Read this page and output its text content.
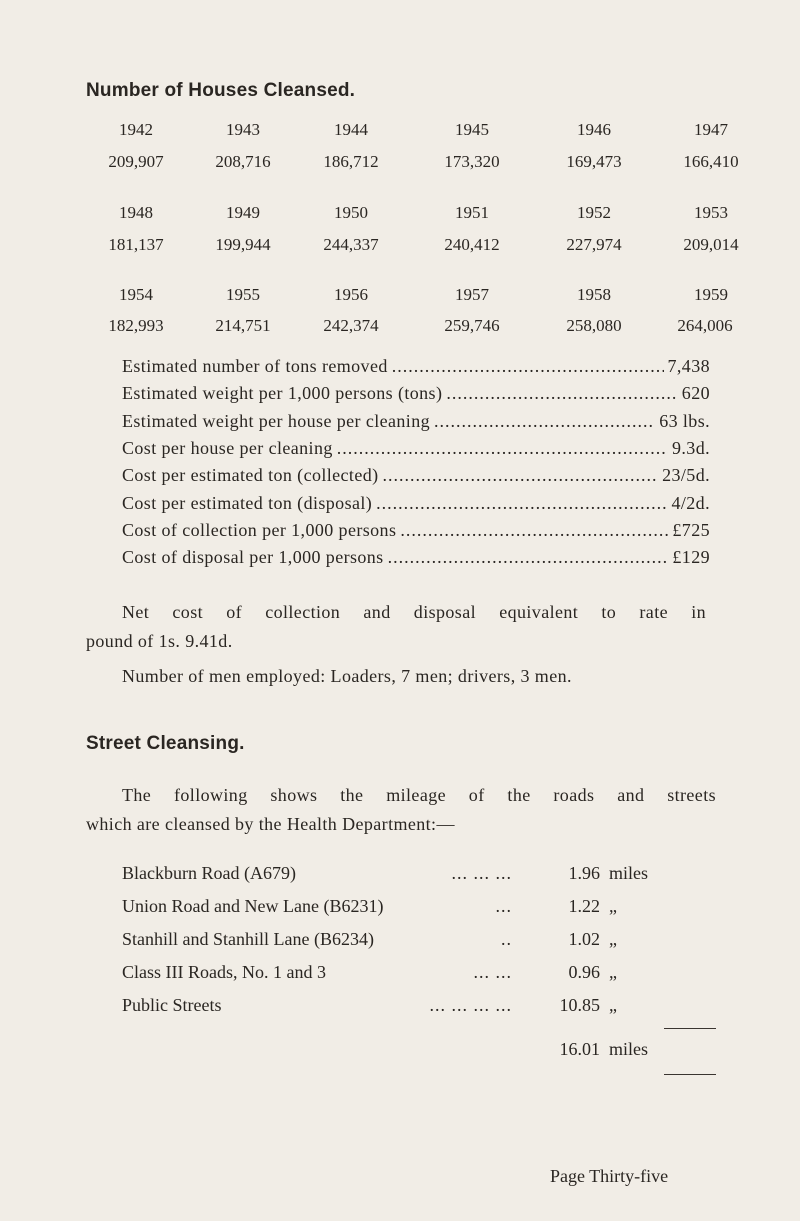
Number of Houses Cleansed.
1942	1943	1944	1945	1946	1947
209,907	208,716	186,712	173,320	169,473	166,410
1948	1949	1950	1951	1952	1953
181,137	199,944	244,337	240,412	227,974	209,014
1954	1955	1956	1957	1958	1959
182,993	214,751	242,374	259,746	258,080	264,006
Estimated number of tons removed .....	7,438
Estimated weight per 1,000 persons (tons) .....	620
Estimated weight per house per cleaning .....	63 lbs.
Cost per house per cleaning .....	9.3d.
Cost per estimated ton (collected) .....	23/5d.
Cost per estimated ton (disposal) .....	4/2d.
Cost of collection per 1,000 persons .....	£725
Cost of disposal per 1,000 persons .....	£129

Net cost of collection and disposal equivalent to rate in
pound of 1s. 9.41d.

Number of men employed: Loaders, 7 men; drivers, 3 men.

Street Cleansing.

The following shows the mileage of the roads and streets
which are cleansed by the Health Department:—

Blackburn Road (A679)	... ... ...	1.96 miles
Union Road and New Lane (B6231)	...	1.22 „
Stanhill and Stanhill Lane (B6234)	..	1.02 „
Class III Roads, No. 1 and 3	... ...	0.96 „
Public Streets	... ... ... ...	10.85 „
16.01 miles
Page Thirty-five
